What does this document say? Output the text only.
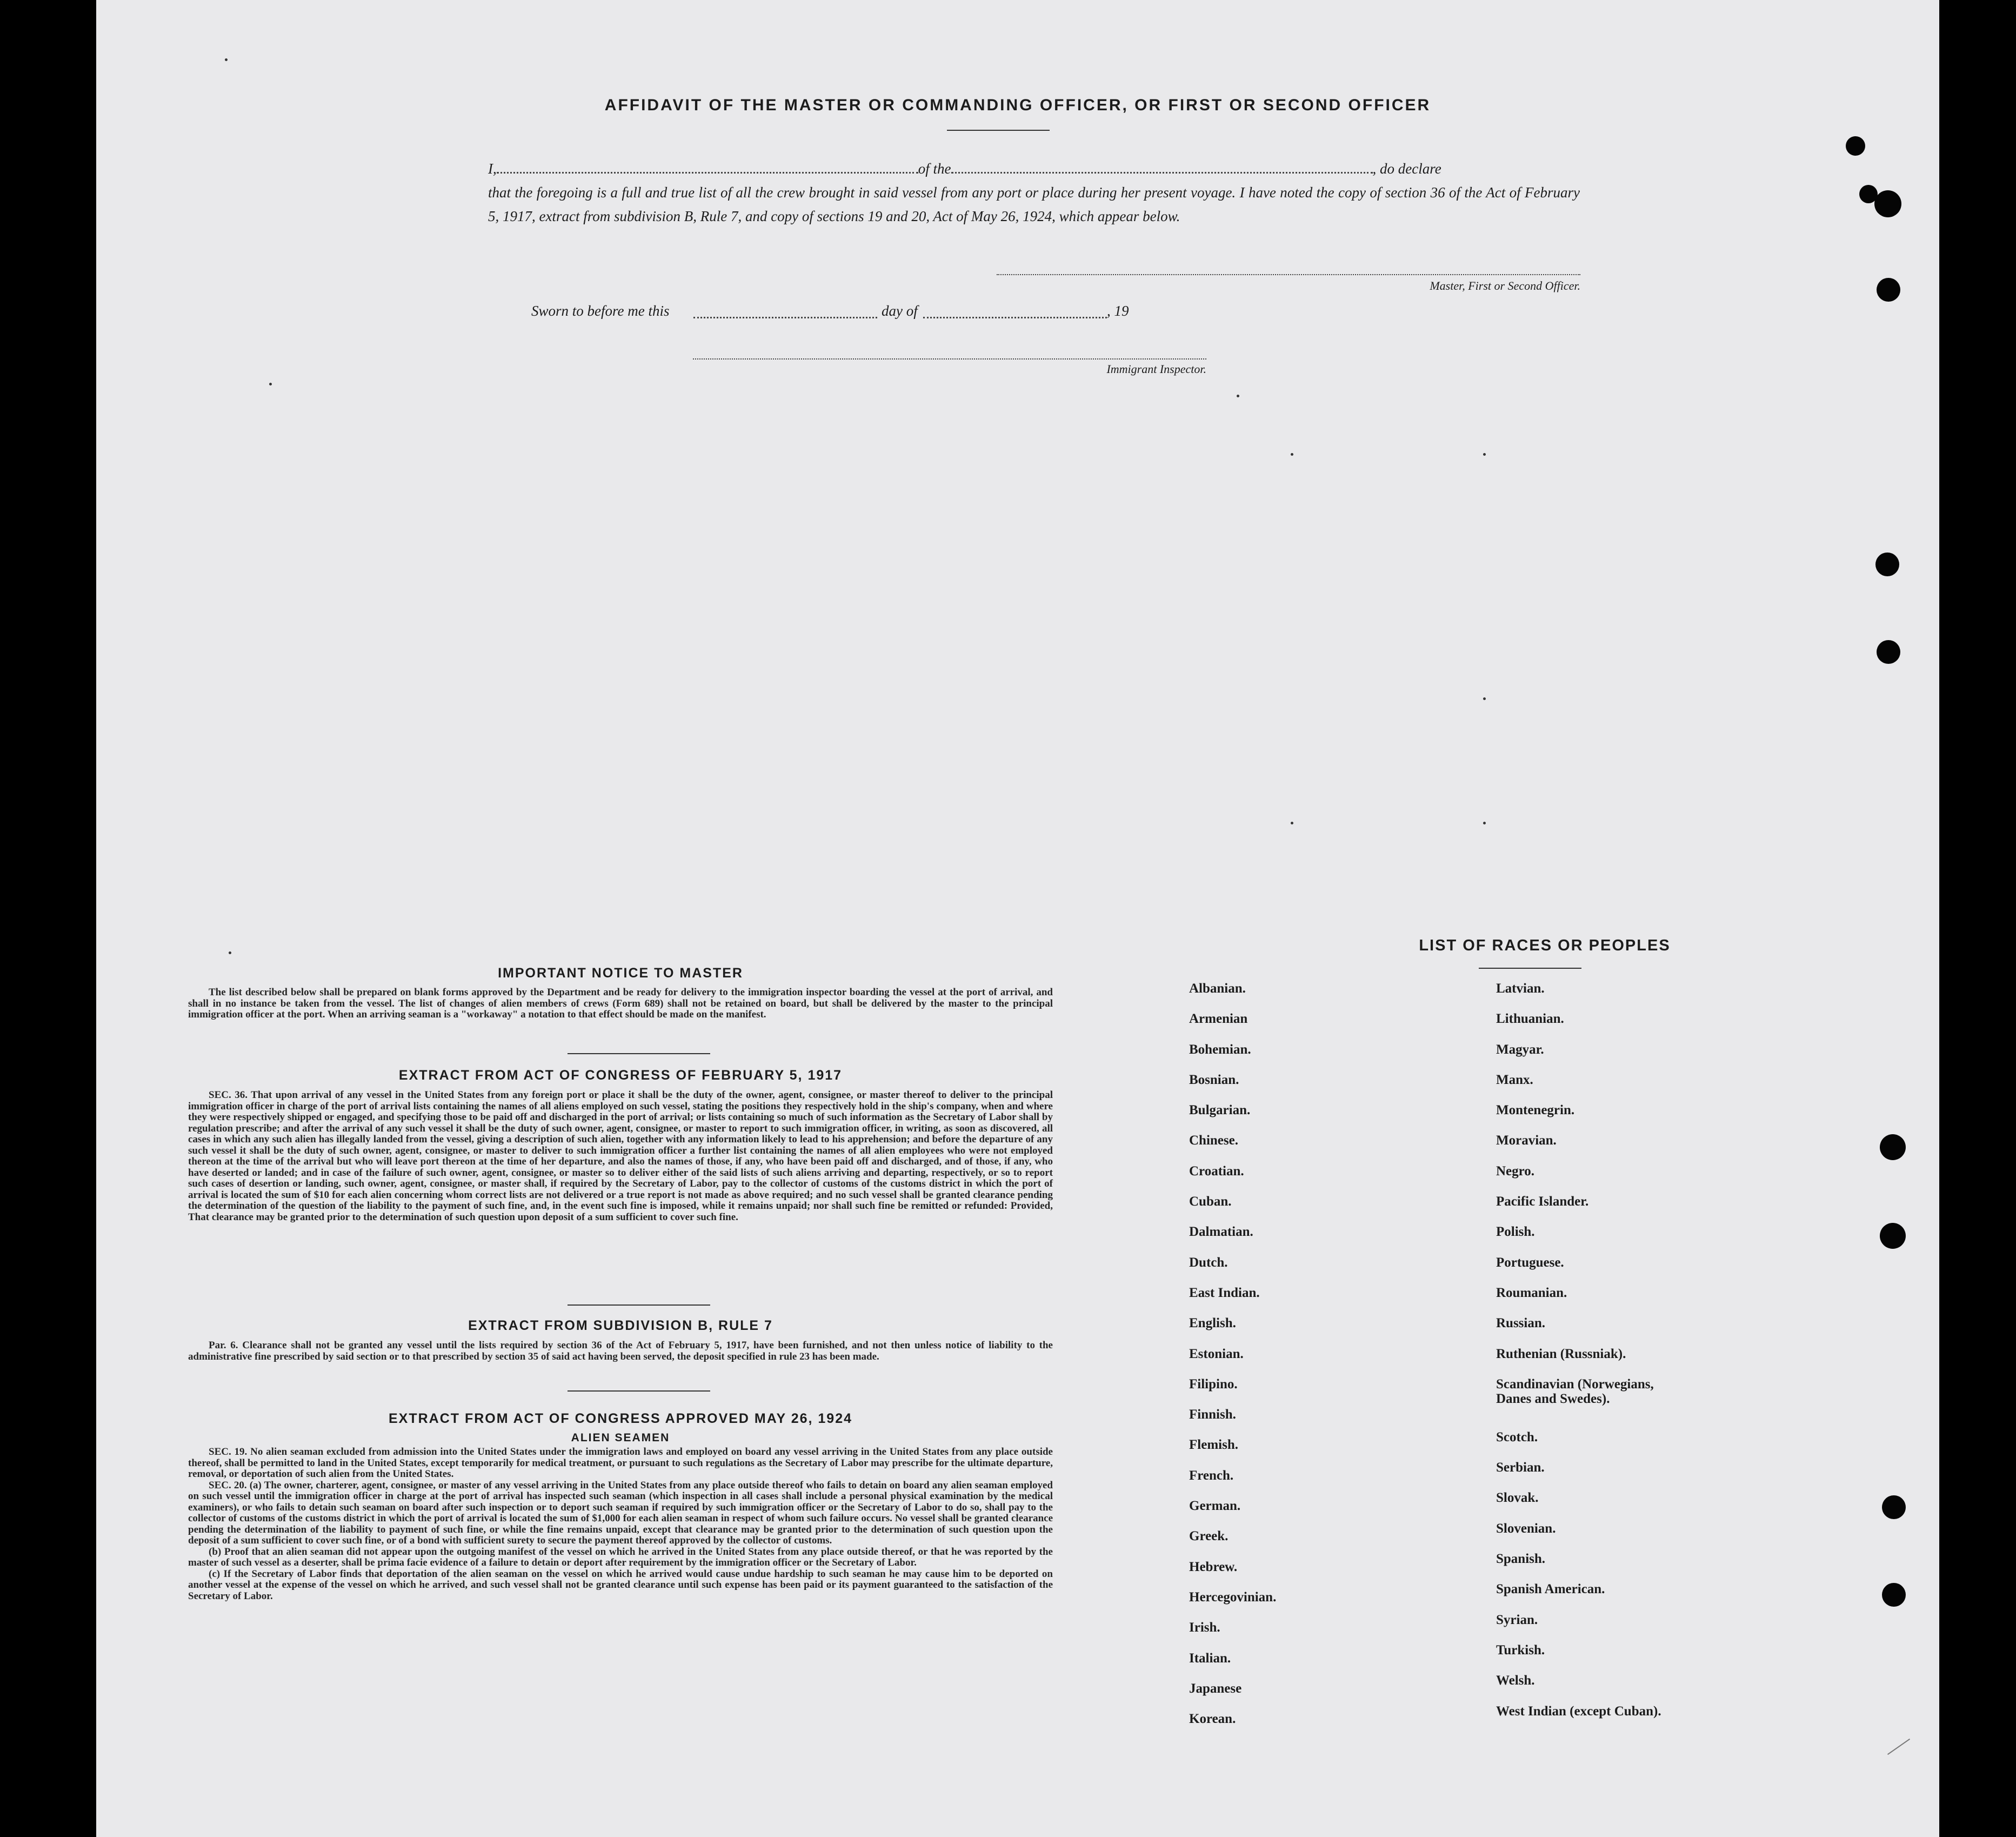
AFFIDAVIT OF THE MASTER OR COMMANDING OFFICER, OR FIRST OR SECOND OFFICER

I,	of the	, do declare
that the foregoing is a full and true list of all the crew brought in said vessel from any port or place during her present voyage. I have noted the copy of section 36 of the Act of February 5, 1917, extract from subdivision B, Rule 7, and copy of sections 19 and 20, Act of May 26, 1924, which appear below.

Master, First or Second Officer.
Sworn to before me this	day of	, 19
Immigrant Inspector.
IMPORTANT NOTICE TO MASTER

The list described below shall be prepared on blank forms approved by the Department and be ready for delivery to the immigration inspector boarding the vessel at the port of arrival, and shall in no instance be taken from the vessel. The list of changes of alien members of crews (Form 689) shall not be retained on board, but shall be delivered by the master to the principal immigration officer at the port. When an arriving seaman is a "workaway" a notation to that effect should be made on the manifest.

EXTRACT FROM ACT OF CONGRESS OF FEBRUARY 5, 1917

SEC. 36. That upon arrival of any vessel in the United States from any foreign port or place it shall be the duty of the owner, agent, consignee, or master thereof to deliver to the principal immigration officer in charge of the port of arrival lists containing the names of all aliens employed on such vessel, stating the positions they respectively hold in the ship's company, when and where they were respectively shipped or engaged, and specifying those to be paid off and discharged in the port of arrival; or lists containing so much of such information as the Secretary of Labor shall by regulation prescribe; and after the arrival of any such vessel it shall be the duty of such owner, agent, consignee, or master to report to such immigration officer, in writing, as soon as discovered, all cases in which any such alien has illegally landed from the vessel, giving a description of such alien, together with any information likely to lead to his apprehension; and before the departure of any such vessel it shall be the duty of such owner, agent, consignee, or master to deliver to such immigration officer a further list containing the names of all alien employees who were not employed thereon at the time of the arrival but who will leave port thereon at the time of her departure, and also the names of those, if any, who have been paid off and discharged, and of those, if any, who have deserted or landed; and in case of the failure of such owner, agent, consignee, or master so to deliver either of the said lists of such aliens arriving and departing, respectively, or so to report such cases of desertion or landing, such owner, agent, consignee, or master shall, if required by the Secretary of Labor, pay to the collector of customs of the customs district in which the port of arrival is located the sum of $10 for each alien concerning whom correct lists are not delivered or a true report is not made as above required; and no such vessel shall be granted clearance pending the determination of the question of the liability to the payment of such fine, and, in the event such fine is imposed, while it remains unpaid; nor shall such fine be remitted or refunded: Provided, That clearance may be granted prior to the determination of such question upon deposit of a sum sufficient to cover such fine.

EXTRACT FROM SUBDIVISION B, RULE 7

Par. 6. Clearance shall not be granted any vessel until the lists required by section 36 of the Act of February 5, 1917, have been furnished, and not then unless notice of liability to the administrative fine prescribed by said section or to that prescribed by section 35 of said act having been served, the deposit specified in rule 23 has been made.

EXTRACT FROM ACT OF CONGRESS APPROVED MAY 26, 1924
ALIEN SEAMEN

SEC. 19. No alien seaman excluded from admission into the United States under the immigration laws and employed on board any vessel arriving in the United States from any place outside thereof, shall be permitted to land in the United States, except temporarily for medical treatment, or pursuant to such regulations as the Secretary of Labor may prescribe for the ultimate departure, removal, or deportation of such alien from the United States.

SEC. 20. (a) The owner, charterer, agent, consignee, or master of any vessel arriving in the United States from any place outside thereof who fails to detain on board any alien seaman employed on such vessel until the immigration officer in charge at the port of arrival has inspected such seaman (which inspection in all cases shall include a personal physical examination by the medical examiners), or who fails to detain such seaman on board after such inspection or to deport such seaman if required by such immigration officer or the Secretary of Labor to do so, shall pay to the collector of customs of the customs district in which the port of arrival is located the sum of $1,000 for each alien seaman in respect of whom such failure occurs. No vessel shall be granted clearance pending the determination of the liability to payment of such fine, or while the fine remains unpaid, except that clearance may be granted prior to the determination of such question upon the deposit of a sum sufficient to cover such fine, or of a bond with sufficient surety to secure the payment thereof approved by the collector of customs.

(b) Proof that an alien seaman did not appear upon the outgoing manifest of the vessel on which he arrived in the United States from any place outside thereof, or that he was reported by the master of such vessel as a deserter, shall be prima facie evidence of a failure to detain or deport after requirement by the immigration officer or the Secretary of Labor.

(c) If the Secretary of Labor finds that deportation of the alien seaman on the vessel on which he arrived would cause undue hardship to such seaman he may cause him to be deported on another vessel at the expense of the vessel on which he arrived, and such vessel shall not be granted clearance until such expense has been paid or its payment guaranteed to the satisfaction of the Secretary of Labor.

LIST OF RACES OR PEOPLES
Albanian.
Armenian
Bohemian.
Bosnian.
Bulgarian.
Chinese.
Croatian.
Cuban.
Dalmatian.
Dutch.
East Indian.
English.
Estonian.
Filipino.
Finnish.
Flemish.
French.
German.
Greek.
Hebrew.
Hercegovinian.
Irish.
Italian.
Japanese
Korean.
Latvian.
Lithuanian.
Magyar.
Manx.
Montenegrin.
Moravian.
Negro.
Pacific Islander.
Polish.
Portuguese.
Roumanian.
Russian.
Ruthenian (Russniak).
Scandinavian (Norwegians, Danes and Swedes).
Scotch.
Serbian.
Slovak.
Slovenian.
Spanish.
Spanish American.
Syrian.
Turkish.
Welsh.
West Indian (except Cuban).
